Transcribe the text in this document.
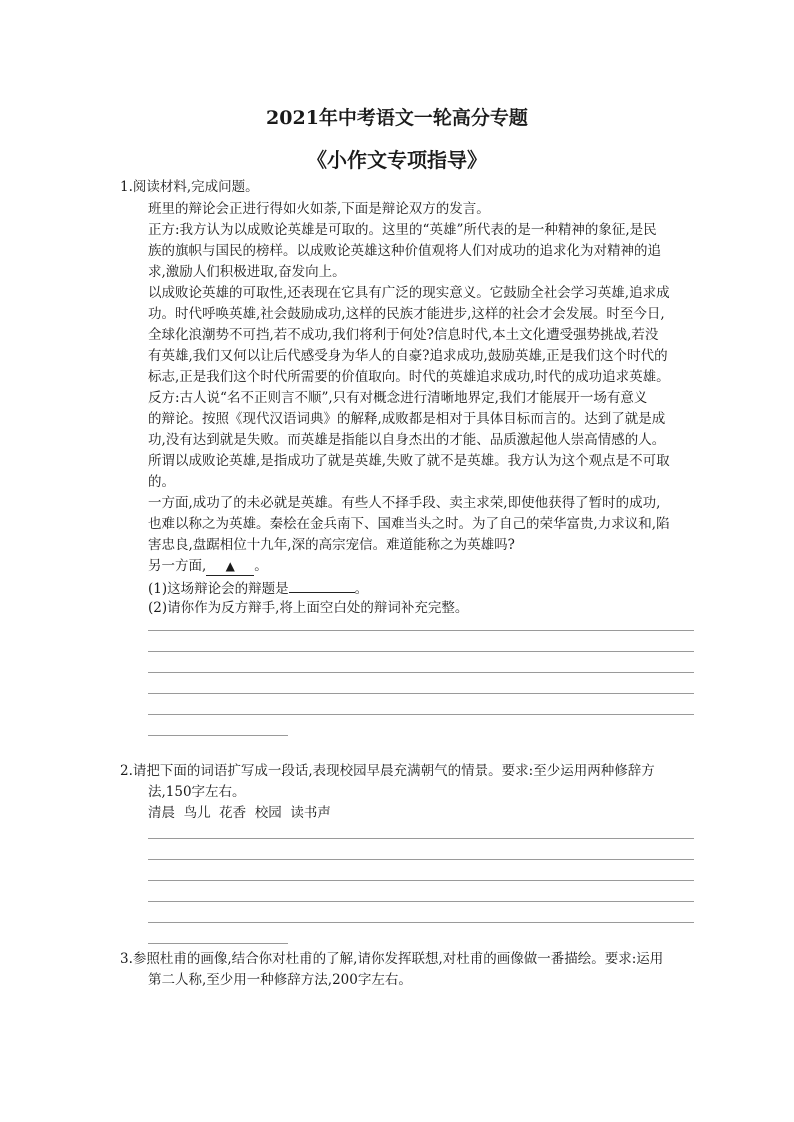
2021年中考语文一轮高分专题
《小作文专项指导》
1.阅读材料,完成问题。
班里的辩论会正进行得如火如荼,下面是辩论双方的发言。
正方:我方认为以成败论英雄是可取的。这里的“英雄”所代表的是一种精神的象征,是民
族的旗帜与国民的榜样。以成败论英雄这种价值观将人们对成功的追求化为对精神的追
求,激励人们积极进取,奋发向上。
以成败论英雄的可取性,还表现在它具有广泛的现实意义。它鼓励全社会学习英雄,追求成
功。时代呼唤英雄,社会鼓励成功,这样的民族才能进步,这样的社会才会发展。时至今日,
全球化浪潮势不可挡,若不成功,我们将利于何处?信息时代,本土文化遭受强势挑战,若没
有英雄,我们又何以让后代感受身为华人的自豪?追求成功,鼓励英雄,正是我们这个时代的
标志,正是我们这个时代所需要的价值取向。时代的英雄追求成功,时代的成功追求英雄。
反方:古人说“名不正则言不顺”,只有对概念进行清晰地界定,我们才能展开一场有意义
的辩论。按照《现代汉语词典》的解释,成败都是相对于具体目标而言的。达到了就是成
功,没有达到就是失败。而英雄是指能以自身杰出的才能、品质激起他人崇高情感的人。
所谓以成败论英雄,是指成功了就是英雄,失败了就不是英雄。我方认为这个观点是不可取
的。
一方面,成功了的未必就是英雄。有些人不择手段、卖主求荣,即使他获得了暂时的成功,
也难以称之为英雄。秦桧在金兵南下、国难当头之时。为了自己的荣华富贵,力求议和,陷
害忠良,盘踞相位十九年,深的高宗宠信。难道能称之为英雄吗?
另一方面, ▲ 。
(1)这场辩论会的辩题是	。
(2)请你作为反方辩手,将上面空白处的辩词补充完整。
2.请把下面的词语扩写成一段话,表现校园早晨充满朝气的情景。要求:至少运用两种修辞方
法,150字左右。
清晨  鸟儿  花香  校园  读书声
3.参照杜甫的画像,结合你对杜甫的了解,请你发挥联想,对杜甫的画像做一番描绘。要求:运用
第二人称,至少用一种修辞方法,200字左右。
